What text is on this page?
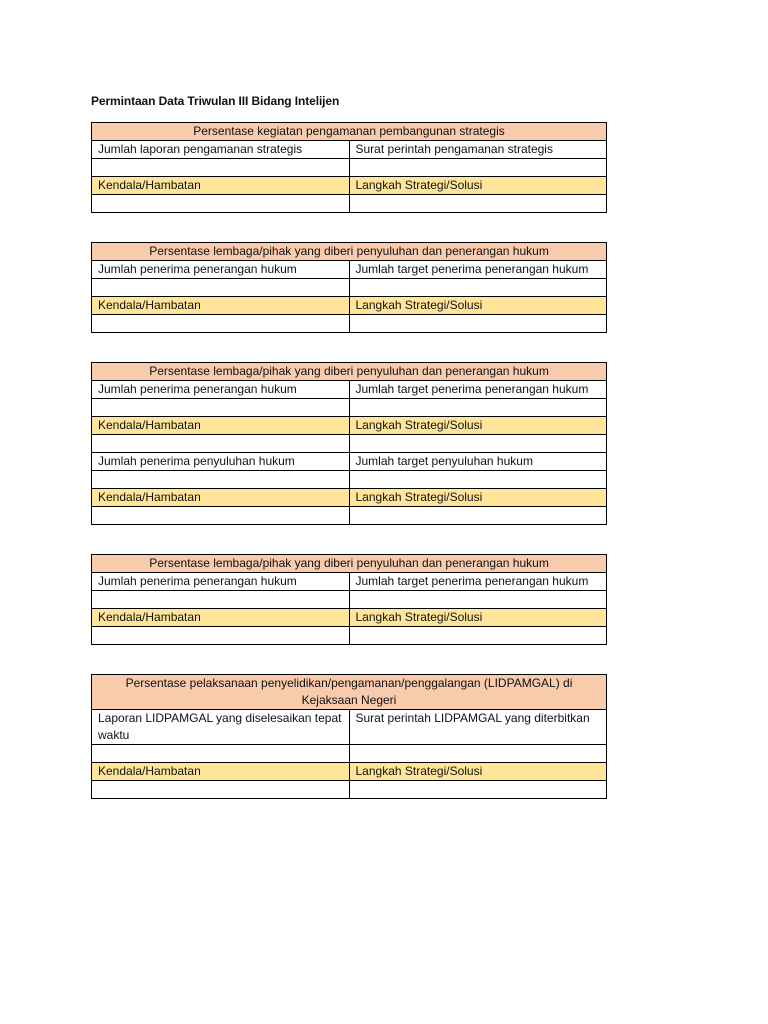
Permintaan Data Triwulan III Bidang Intelijen
Persentase kegiatan pengamanan pembangunan strategis	
Jumlah laporan pengamanan strategis	Surat perintah pengamanan strategis

Kendala/Hambatan	Langkah Strategi/Solusi

Persentase lembaga/pihak yang diberi penyuluhan dan penerangan hukum	
Jumlah penerima penerangan hukum	Jumlah target penerima penerangan hukum

Kendala/Hambatan	Langkah Strategi/Solusi

Persentase lembaga/pihak yang diberi penyuluhan dan penerangan hukum	
Jumlah penerima penerangan hukum	Jumlah target penerima penerangan hukum

Kendala/Hambatan	Langkah Strategi/Solusi

Jumlah penerima penyuluhan hukum	Jumlah target penyuluhan hukum

Kendala/Hambatan	Langkah Strategi/Solusi

Persentase lembaga/pihak yang diberi penyuluhan dan penerangan hukum	
Jumlah penerima penerangan hukum	Jumlah target penerima penerangan hukum

Kendala/Hambatan	Langkah Strategi/Solusi

Persentase pelaksanaan penyelidikan/pengamanan/penggalangan (LIDPAMGAL) di Kejaksaan Negeri	
Laporan LIDPAMGAL yang diselesaikan tepat waktu	Surat perintah LIDPAMGAL yang diterbitkan

Kendala/Hambatan	Langkah Strategi/Solusi
